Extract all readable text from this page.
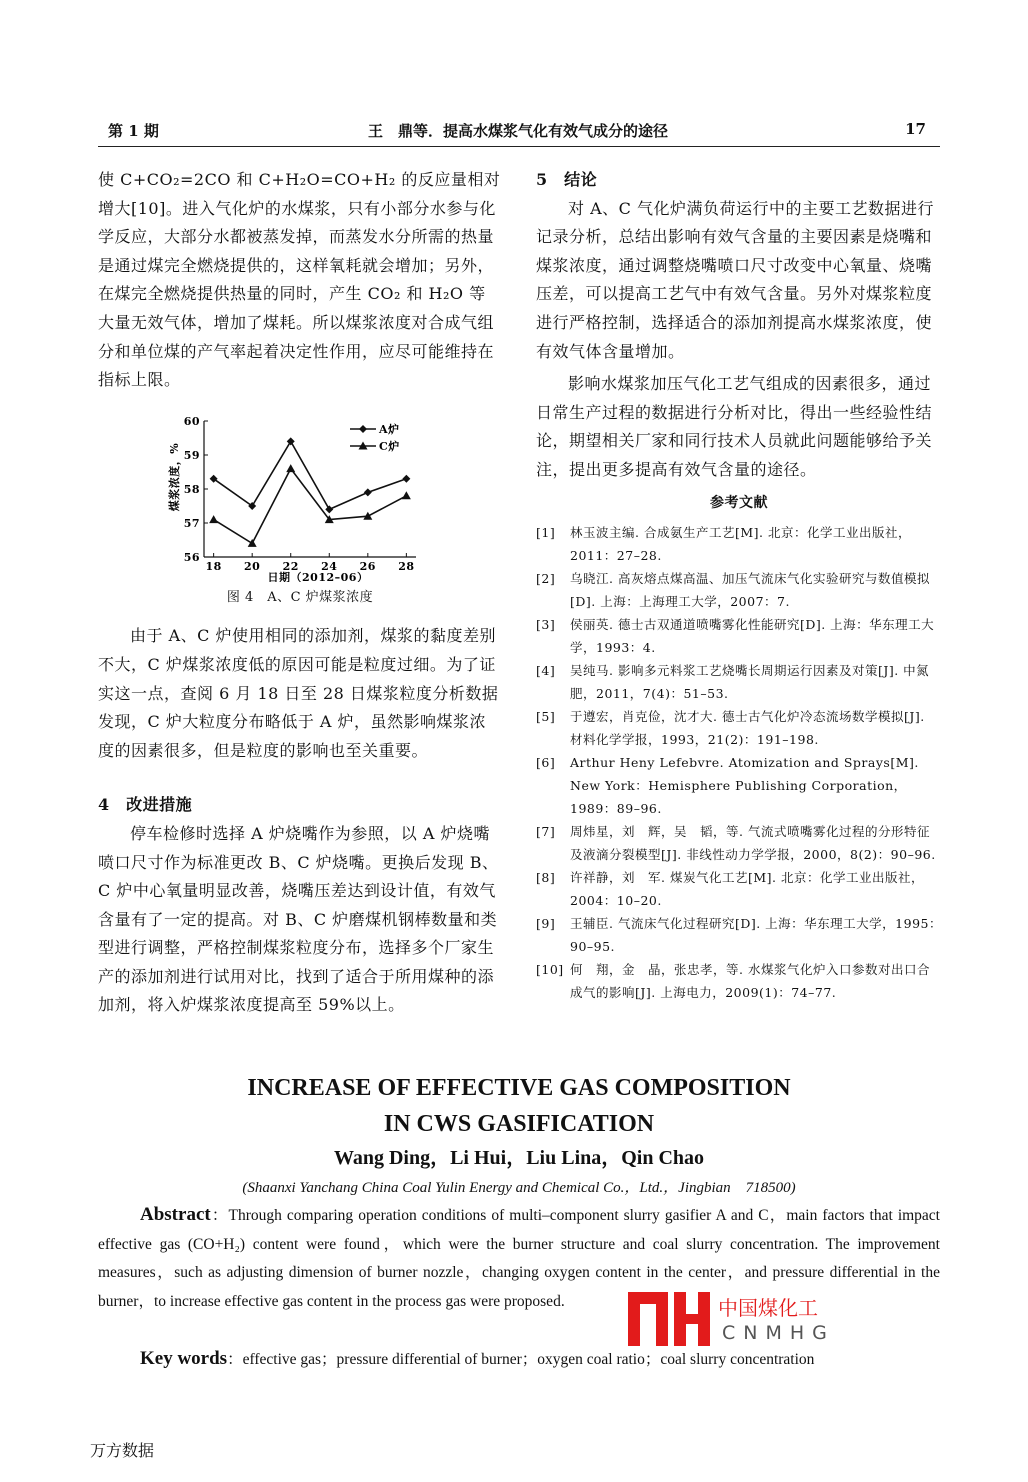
第 1 期	王　鼎等．提高水煤浆气化有效气成分的途径	17

使 C+CO₂=2CO 和 C+H₂O=CO+H₂ 的反应量相对增大[10]。进入气化炉的水煤浆，只有小部分水参与化学反应，大部分水都被蒸发掉，而蒸发水分所需的热量是通过煤完全燃烧提供的，这样氧耗就会增加；另外，在煤完全燃烧提供热量的同时，产生 CO₂ 和 H₂O 等大量无效气体，增加了煤耗。所以煤浆浓度对合成气组分和单位煤的产气率起着决定性作用，应尽可能维持在指标上限。

56
57
58
59
60
18 20 22 24 26 28
A炉
C炉
日期（2012–06）
煤浆浓度，%
图 4　A、C 炉煤浆浓度

由于 A、C 炉使用相同的添加剂，煤浆的黏度差别不大，C 炉煤浆浓度低的原因可能是粒度过细。为了证实这一点，查阅 6 月 18 日至 28 日煤浆粒度分析数据发现，C 炉大粒度分布略低于 A 炉，虽然影响煤浆浓度的因素很多，但是粒度的影响也至关重要。

4　改进措施

停车检修时选择 A 炉烧嘴作为参照，以 A 炉烧嘴喷口尺寸作为标准更改 B、C 炉烧嘴。更换后发现 B、C 炉中心氧量明显改善，烧嘴压差达到设计值，有效气含量有了一定的提高。对 B、C 炉磨煤机钢棒数量和类型进行调整，严格控制煤浆粒度分布，选择多个厂家生产的添加剂进行试用对比，找到了适合于所用煤种的添加剂，将入炉煤浆浓度提高至 59%以上。

5　结论

对 A、C 气化炉满负荷运行中的主要工艺数据进行记录分析，总结出影响有效气含量的主要因素是烧嘴和煤浆浓度，通过调整烧嘴喷口尺寸改变中心氧量、烧嘴压差，可以提高工艺气中有效气含量。另外对煤浆粒度进行严格控制，选择适合的添加剂提高水煤浆浓度，使有效气体含量增加。

影响水煤浆加压气化工艺气组成的因素很多，通过日常生产过程的数据进行分析对比，得出一些经验性结论，期望相关厂家和同行技术人员就此问题能够给予关注，提出更多提高有效气含量的途径。

参考文献
[1]	林玉波主编. 合成氨生产工艺[M]. 北京：化学工业出版社，2011：27–28.
[2]	乌晓江. 高灰熔点煤高温、加压气流床气化实验研究与数值模拟[D]. 上海：上海理工大学，2007：7.
[3]	侯丽英. 德士古双通道喷嘴雾化性能研究[D]. 上海：华东理工大学，1993：4.
[4]	吴纯马. 影响多元料浆工艺烧嘴长周期运行因素及对策[J]. 中氮肥，2011，7(4)：51–53.
[5]	于遵宏，肖克俭，沈才大. 德士古气化炉冷态流场数学模拟[J]. 材料化学学报，1993，21(2)：191–198.
[6]	Arthur Heny Lefebvre. Atomization and Sprays[M]. New York：Hemisphere Publishing Corporation，1989：89–96.
[7]	周炜星，刘　辉，吴　韬，等. 气流式喷嘴雾化过程的分形特征及液滴分裂模型[J]. 非线性动力学学报，2000，8(2)：90–96.
[8]	许祥静，刘　军. 煤炭气化工艺[M]. 北京：化学工业出版社，2004：10–20.
[9]	王辅臣. 气流床气化过程研究[D]. 上海：华东理工大学，1995：90–95.
[10] 何　翔，金　晶，张忠孝，等. 水煤浆气化炉入口参数对出口合成气的影响[J]. 上海电力，2009(1)：74–77.
INCREASE OF EFFECTIVE GAS COMPOSITION
IN CWS GASIFICATION
Wang Ding，Li Hui，Liu Lina，Qin Chao
(Shaanxi Yanchang China Coal Yulin Energy and Chemical Co.，Ltd.，Jingbian　718500)
Abstract：Through comparing operation conditions of multi–component slurry gasifier A and C，main factors that impact effective gas (CO+H₂) content were found，which were the burner structure and coal slurry concentration. The improvement measures，such as adjusting dimension of burner nozzle，changing oxygen content in the center，and pressure differential in the burner，to increase effective gas content in the process gas were proposed.
Key words：effective gas；pressure differential of burner；oxygen coal ratio；coal slurry concentration
中国煤化工
CNMHG
万方数据
